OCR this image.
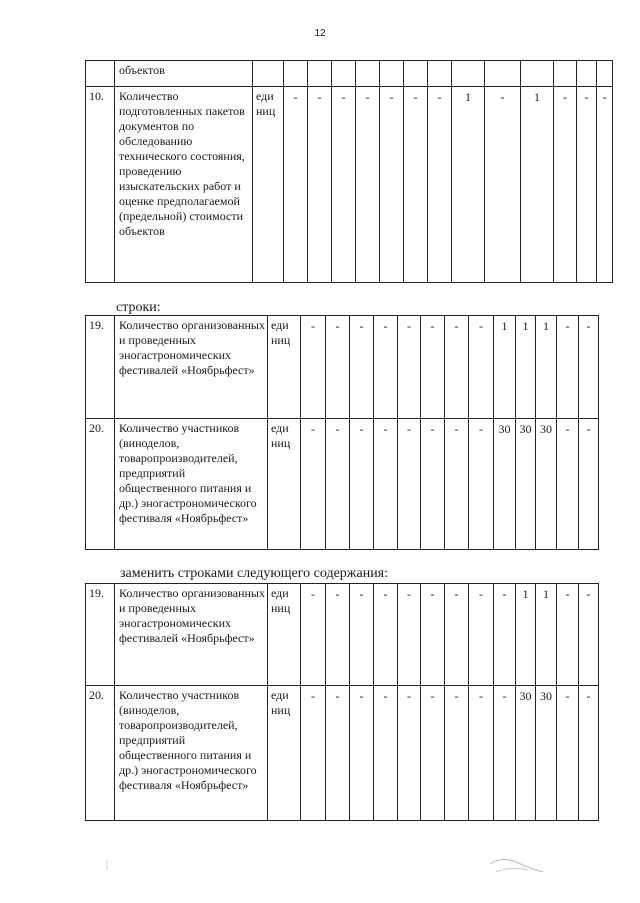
12
	объектов														
10.	Количество подготовленных пакетов документов по обследованию технического состояния, проведению изыскательских работ и оценке предполагаемой (предельной) стоимости объектов	еди ниц	-	-	-	-	-	-	-	1	-	1	-	-	-
строки:
19.	Количество организованных и проведенных эногастрономических фестивалей «Ноябрьфест»	еди ниц	-	-	-	-	-	-	-	-	1	1	1	-	-
20.	Количество участников (виноделов, товаропроизводителей, предприятий общественного питания и др.) эногастрономического фестиваля «Ноябрьфест»	еди ниц	-	-	-	-	-	-	-	-	30	30	30	-	-
заменить строками следующего содержания:
19.	Количество организованных и проведенных эногастрономических фестивалей «Ноябрьфест»	еди ниц	-	-	-	-	-	-	-	-	-	1	1	-	-
20.	Количество участников (виноделов, товаропроизводителей, предприятий общественного питания и др.) эногастрономического фестиваля «Ноябрьфест»	еди ниц	-	-	-	-	-	-	-	-	-	30	30	-	-
